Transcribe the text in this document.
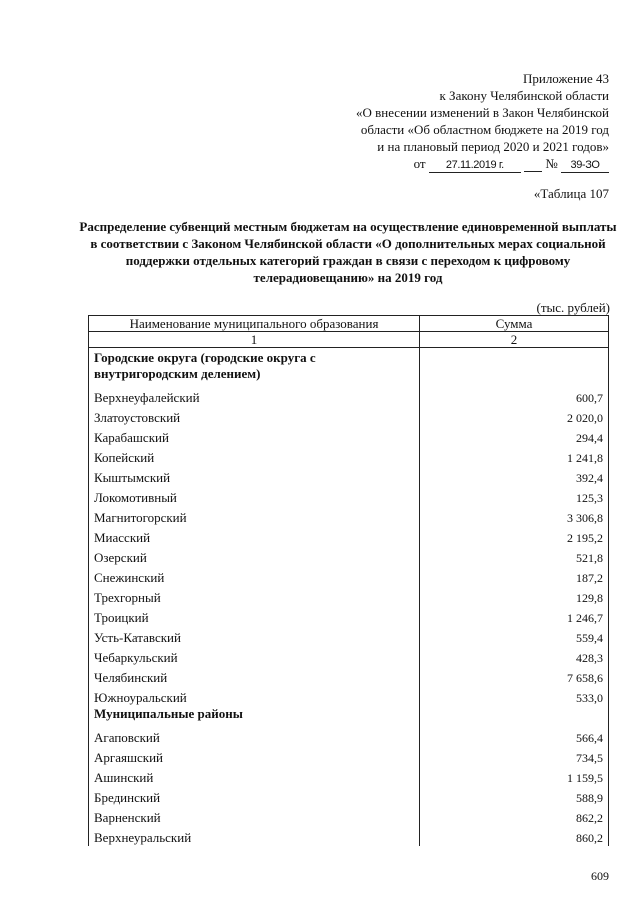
Приложение 43
к Закону Челябинской области
«О внесении изменений в Закон Челябинской
области «Об областном бюджете на 2019 год
и на плановый период 2020 и 2021 годов»
от 27.11.2019 г.	№ 39-ЗО
«Таблица 107
Распределение субвенций местным бюджетам на осуществление единовременной выплаты в соответствии с Законом Челябинской области «О дополнительных мерах социальной поддержки отдельных категорий граждан в связи с переходом к цифровому телерадиовещанию» на 2019 год
(тыс. рублей)
Наименование муниципального образования	Сумма
1	2
Городские округа (городские округа с внутригородским делением)	
Верхнеуфалейский	600,7
Златоустовский	2 020,0
Карабашский	294,4
Копейский	1 241,8
Кыштымский	392,4
Локомотивный	125,3
Магнитогорский	3 306,8
Миасский	2 195,2
Озерский	521,8
Снежинский	187,2
Трехгорный	129,8
Троицкий	1 246,7
Усть-Катавский	559,4
Чебаркульский	428,3
Челябинский	7 658,6
Южноуральский	533,0
Муниципальные районы	
Агаповский	566,4
Аргаяшский	734,5
Ашинский	1 159,5
Брединский	588,9
Варненский	862,2
Верхнеуральский	860,2
609
